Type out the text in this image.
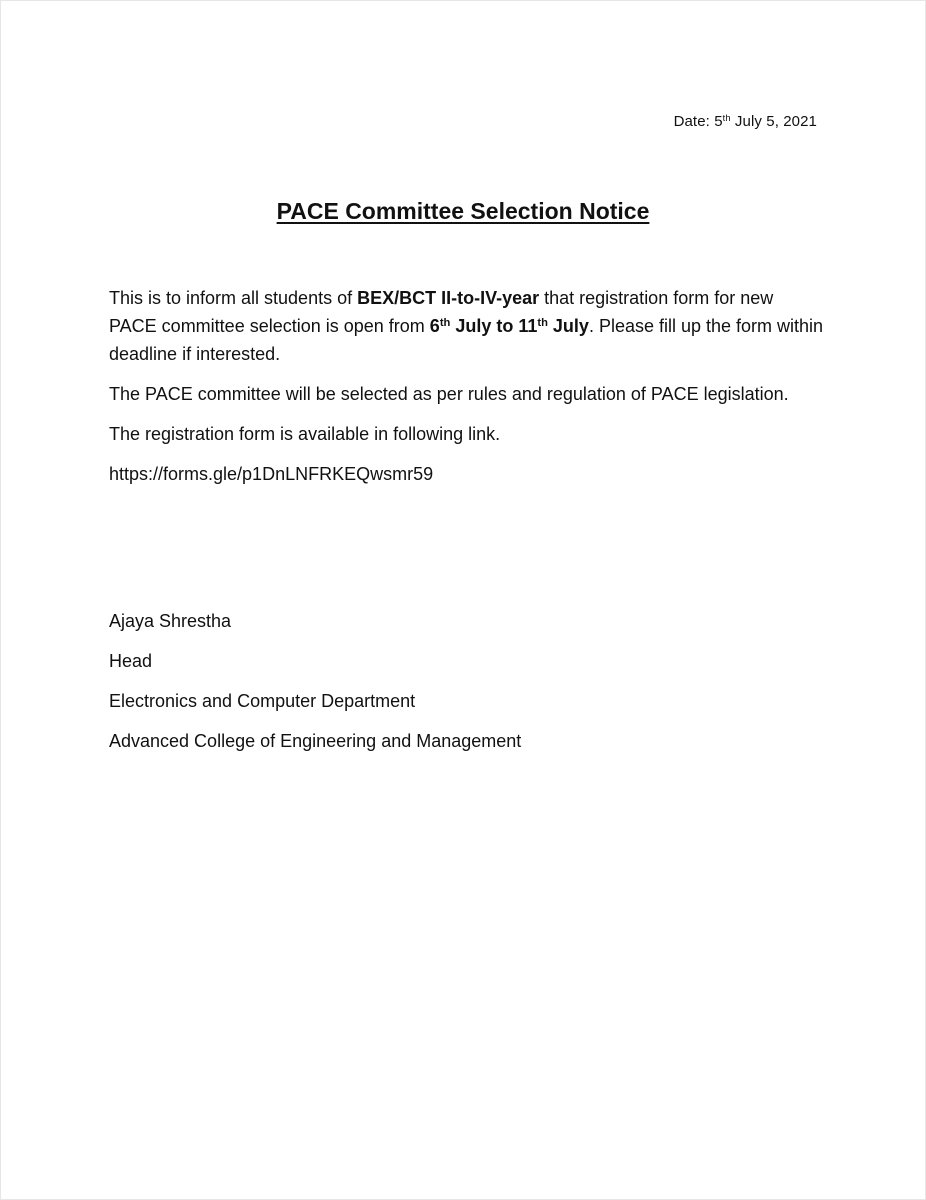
Date: 5th July 5, 2021
PACE Committee Selection Notice

This is to inform all students of BEX/BCT II-to-IV-year that registration form for new PACE committee selection is open from 6th July to 11th July. Please fill up the form within deadline if interested.

The PACE committee will be selected as per rules and regulation of PACE legislation.

The registration form is available in following link.

https://forms.gle/p1DnLNFRKEQwsmr59

Ajaya Shrestha
Head
Electronics and Computer Department
Advanced College of Engineering and Management
